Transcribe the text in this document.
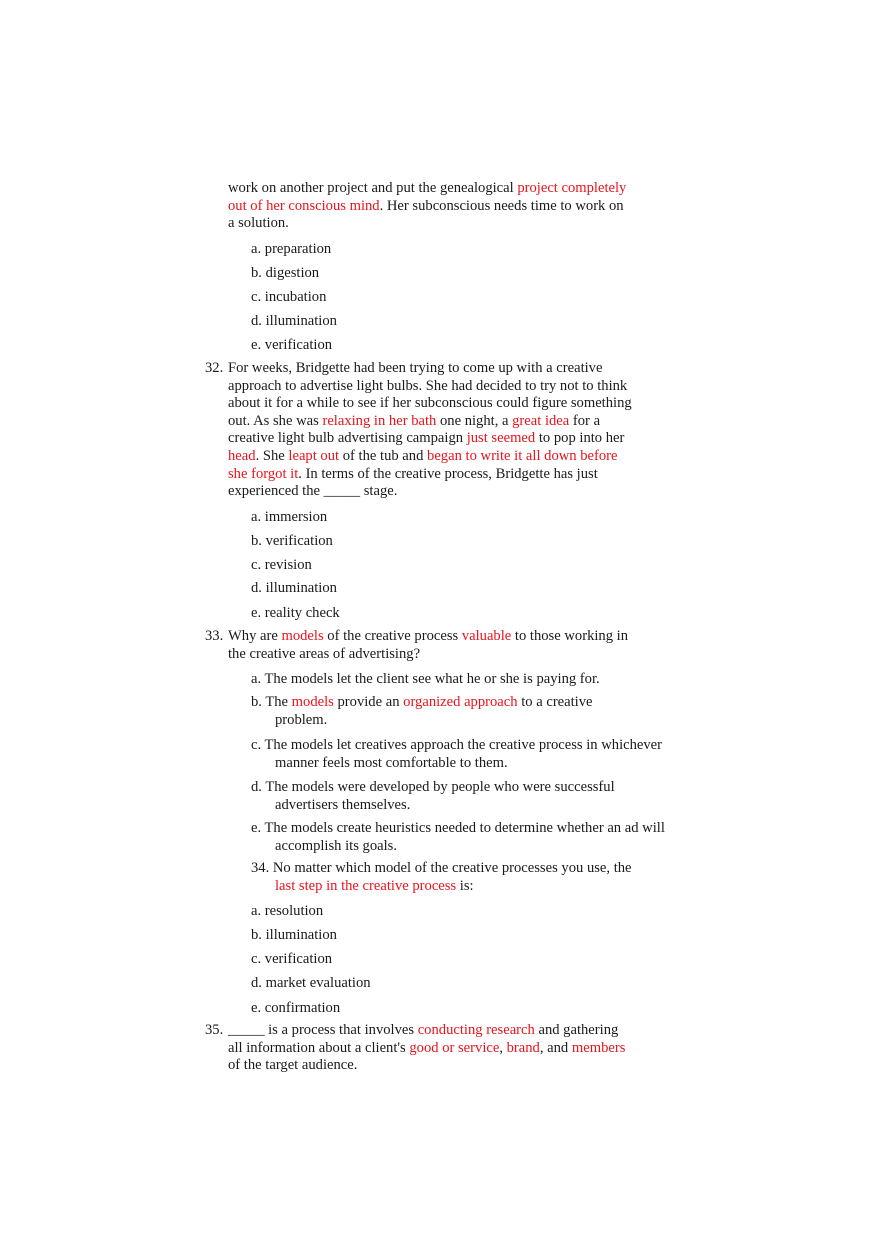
work on another project and put the genealogical project completely
out of her conscious mind. Her subconscious needs time to work on
a solution.
a. preparation
b. digestion
c. incubation
d. illumination
e. verification
32. For weeks, Bridgette had been trying to come up with a creative
approach to advertise light bulbs. She had decided to try not to think
about it for a while to see if her subconscious could figure something
out. As she was relaxing in her bath one night, a great idea for a
creative light bulb advertising campaign just seemed to pop into her
head. She leapt out of the tub and began to write it all down before
she forgot it. In terms of the creative process, Bridgette has just
experienced the _____ stage.
a. immersion
b. verification
c. revision
d. illumination
e. reality check
33. Why are models of the creative process valuable to those working in
the creative areas of advertising?
a. The models let the client see what he or she is paying for.
b. The models provide an organized approach to a creative
problem.
c. The models let creatives approach the creative process in whichever
manner feels most comfortable to them.
d. The models were developed by people who were successful
advertisers themselves.
e. The models create heuristics needed to determine whether an ad will
accomplish its goals.
34. No matter which model of the creative processes you use, the
last step in the creative process is:
a. resolution
b. illumination
c. verification
d. market evaluation
e. confirmation
35. _____ is a process that involves conducting research and gathering
all information about a client's good or service, brand, and members
of the target audience.
